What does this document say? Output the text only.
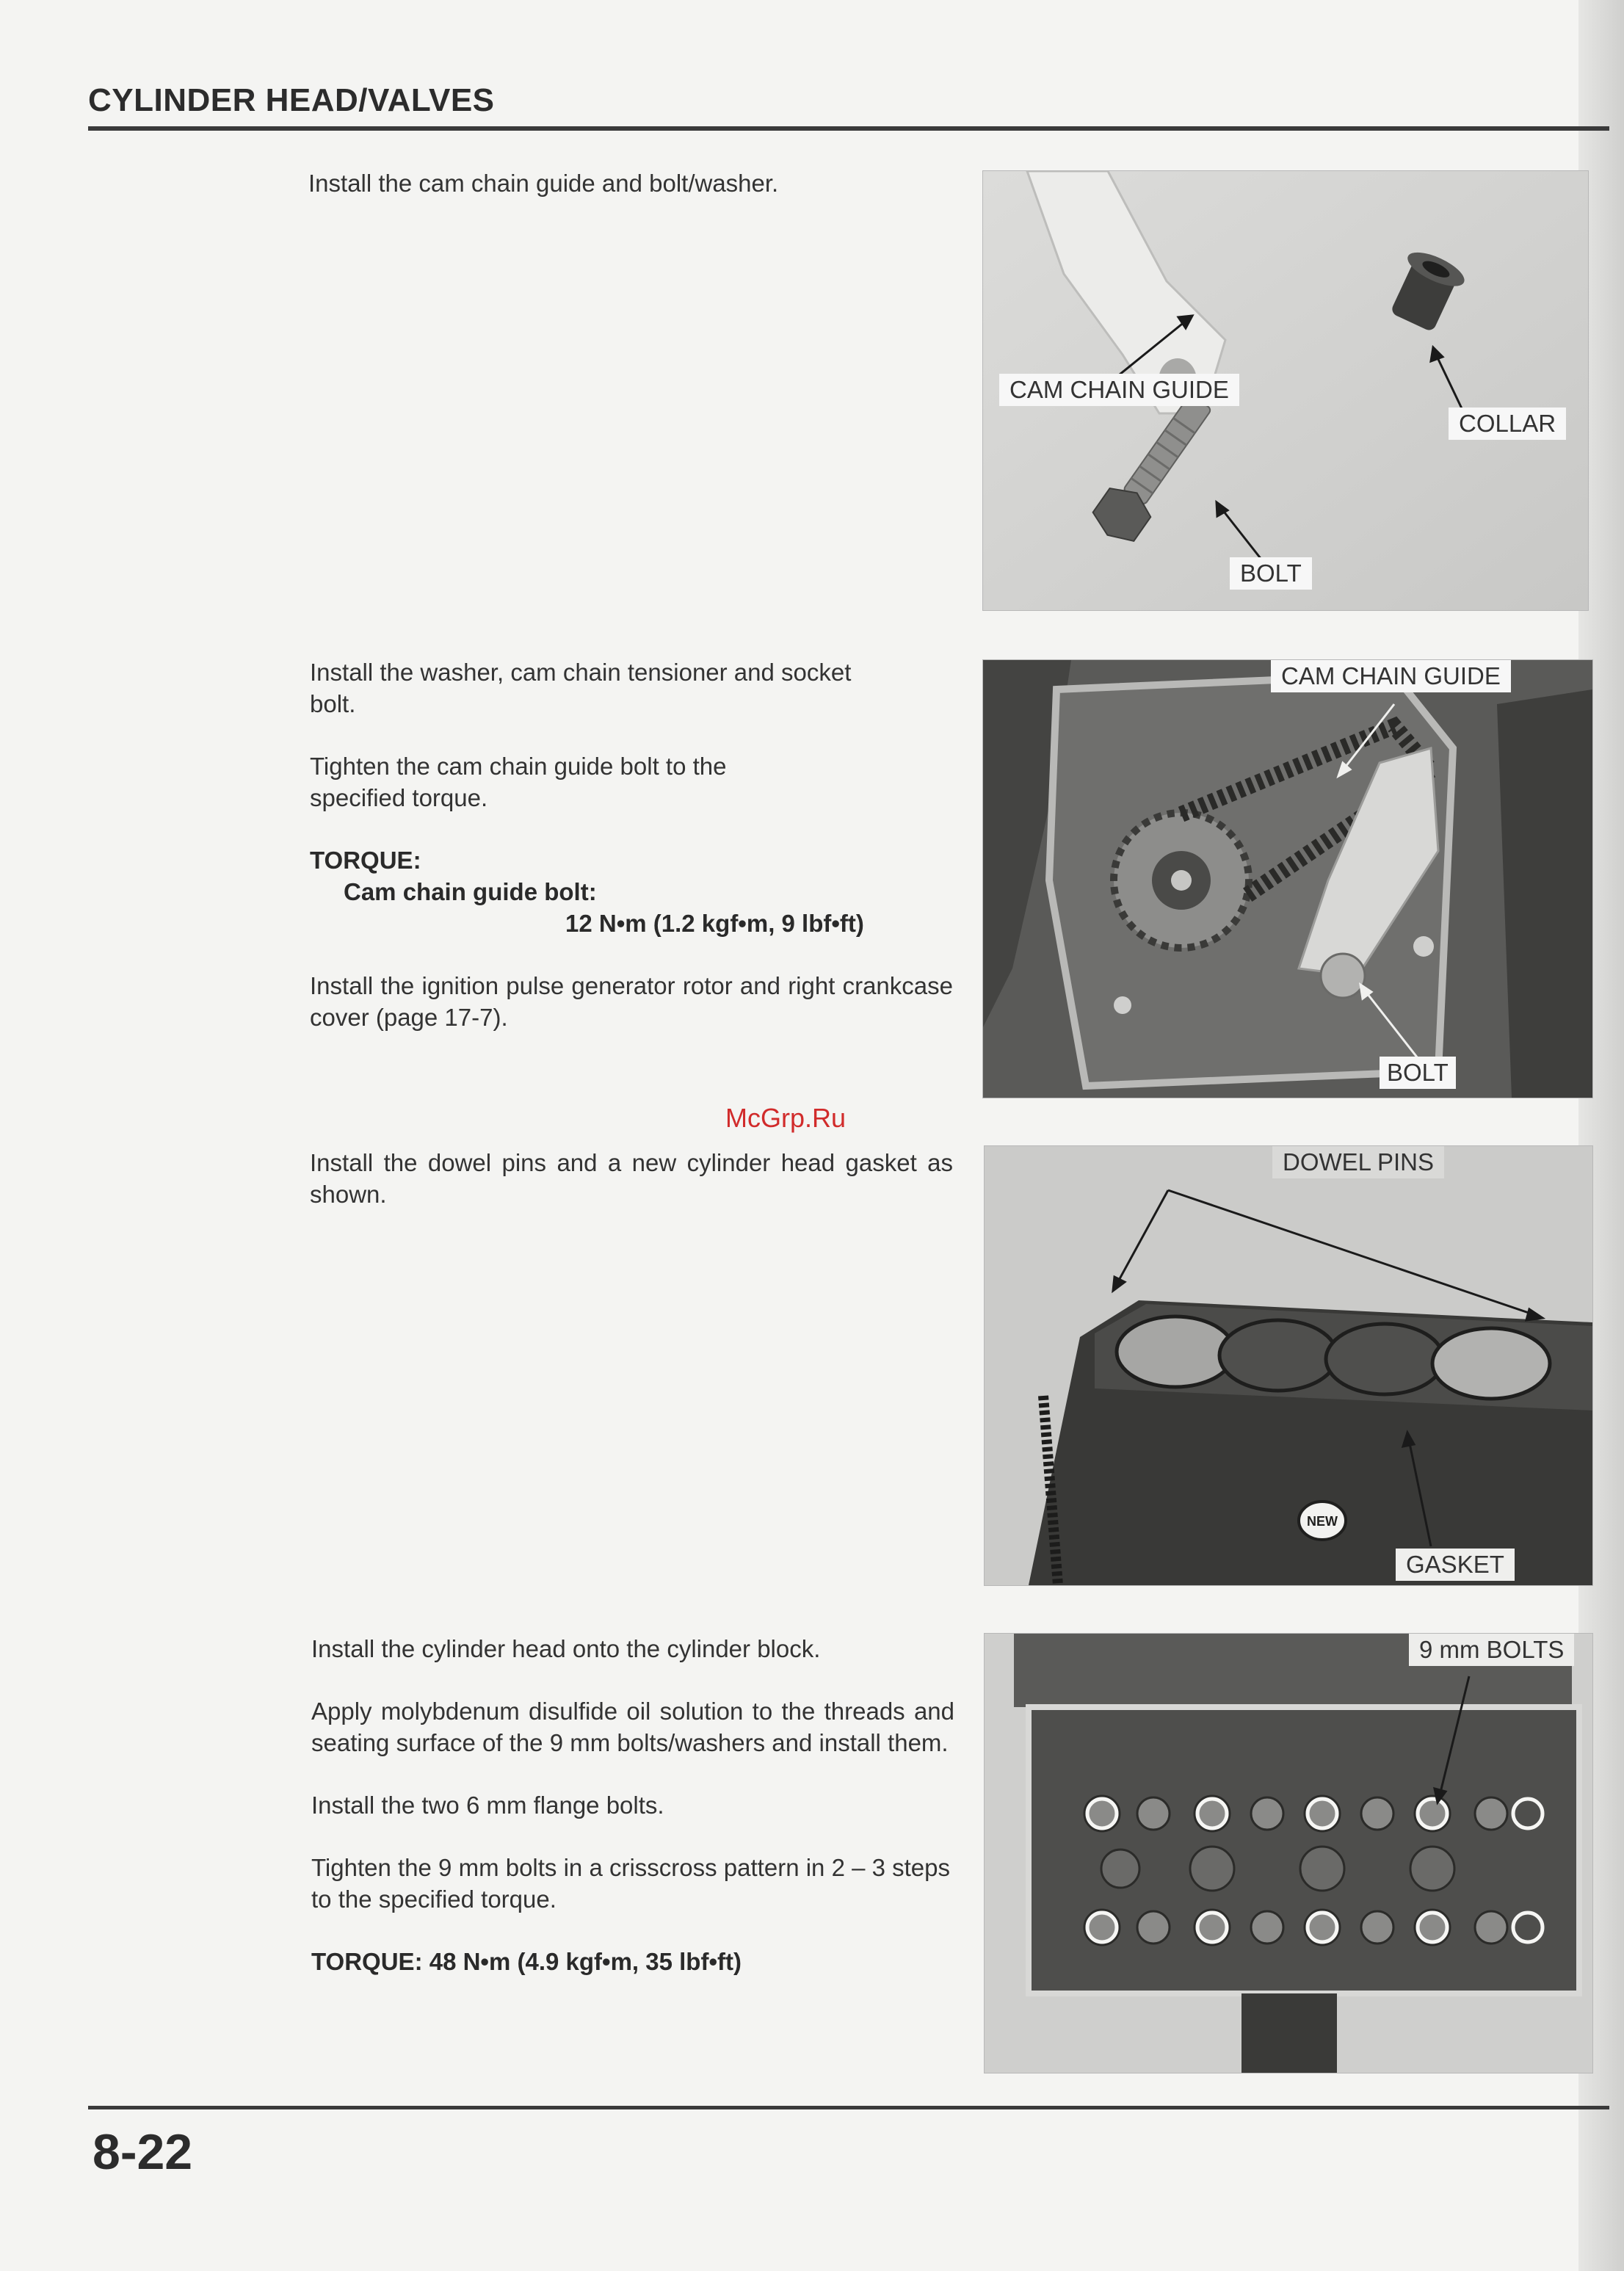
CYLINDER HEAD/VALVES
Install the cam chain guide and bolt/washer.
Install the washer, cam chain tensioner and socket bolt.
Tighten the cam chain guide bolt to the specified torque.
TORQUE:
Cam chain guide bolt:
12 N•m (1.2 kgf•m, 9 lbf•ft)
Install the ignition pulse generator rotor and right crankcase cover (page 17-7).
McGrp.Ru
Install the dowel pins and a new cylinder head gasket as shown.
Install the cylinder head onto the cylinder block.
Apply molybdenum disulfide oil solution to the threads and seating surface of the 9 mm bolts/washers and install them.
Install the two 6 mm flange bolts.
Tighten the 9 mm bolts in a crisscross pattern in 2 – 3 steps to the specified torque.
TORQUE: 48 N•m (4.9 kgf•m, 35 lbf•ft)
CAM CHAIN GUIDE
COLLAR
BOLT
CAM CHAIN GUIDE
BOLT
NEW
DOWEL PINS
GASKET
9 mm BOLTS
8-22
